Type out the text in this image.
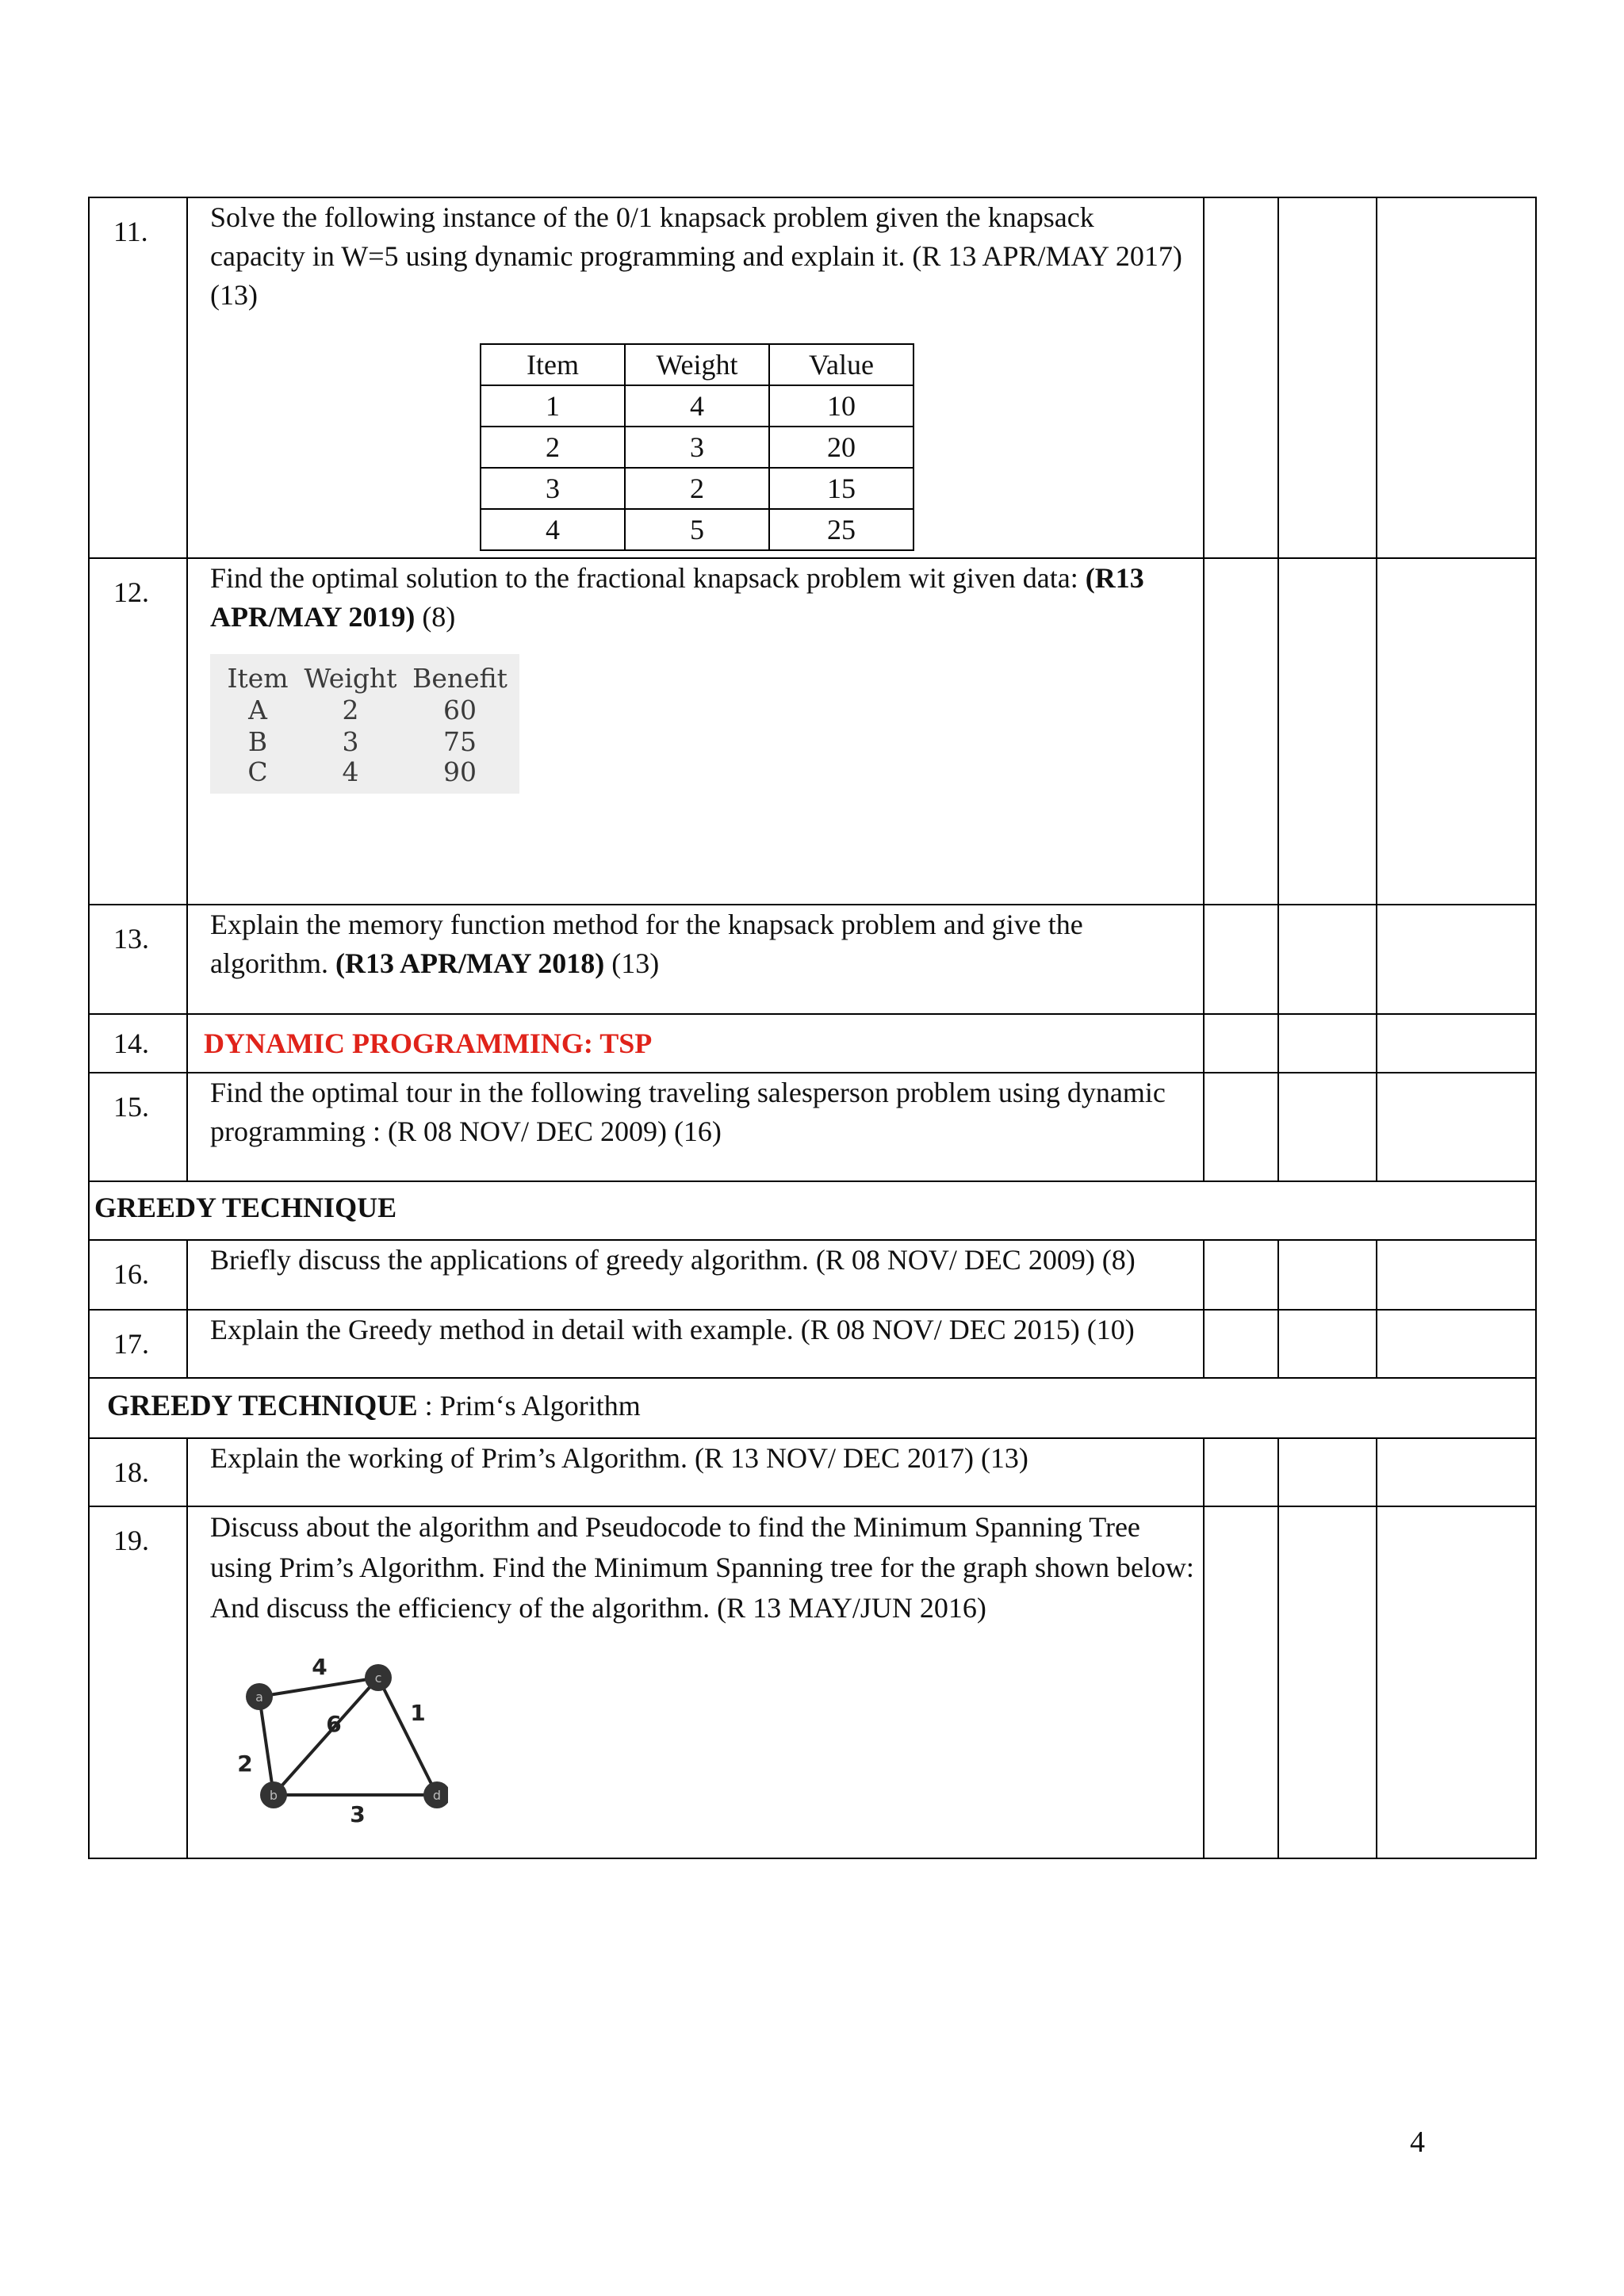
11.	Solve the following instance of the 0/1 knapsack problem given the knapsack capacity in W=5 using dynamic programming and explain it. (R 13 APR/MAY 2017) (13)

Item	Weight	Value
1	4	10
2	3	20
3	2	15
4	5	25

12.	Find the optimal solution to the fractional knapsack problem wit given data: (R13 APR/MAY 2019) (8)

Item Weight Benefit
A	2	60
B	3	75
C	4	90

13.	Explain the memory function method for the knapsack problem and give the algorithm. (R13 APR/MAY 2018) (13)

14.	DYNAMIC PROGRAMMING: TSP			
15.	Find the optimal tour in the following traveling salesperson problem using dynamic programming : (R 08 NOV/ DEC 2009) (16)

GREEDY TECHNIQUE
16.	Briefly discuss the applications of greedy algorithm. (R 08 NOV/ DEC 2009) (8)

17.	Explain the Greedy method in detail with example. (R 08 NOV/ DEC 2015) (10)

GREEDY TECHNIQUE : Prim‘s Algorithm
18.	Explain the working of Prim’s Algorithm. (R 13 NOV/ DEC 2017) (13)

19.	Discuss about the algorithm and Pseudocode to find the Minimum Spanning Tree using Prim’s Algorithm. Find the Minimum Spanning tree for the graph shown below: And discuss the efficiency of the algorithm. (R 13 MAY/JUN 2016)

a
c
b	d
4
1
6
2
3

4
